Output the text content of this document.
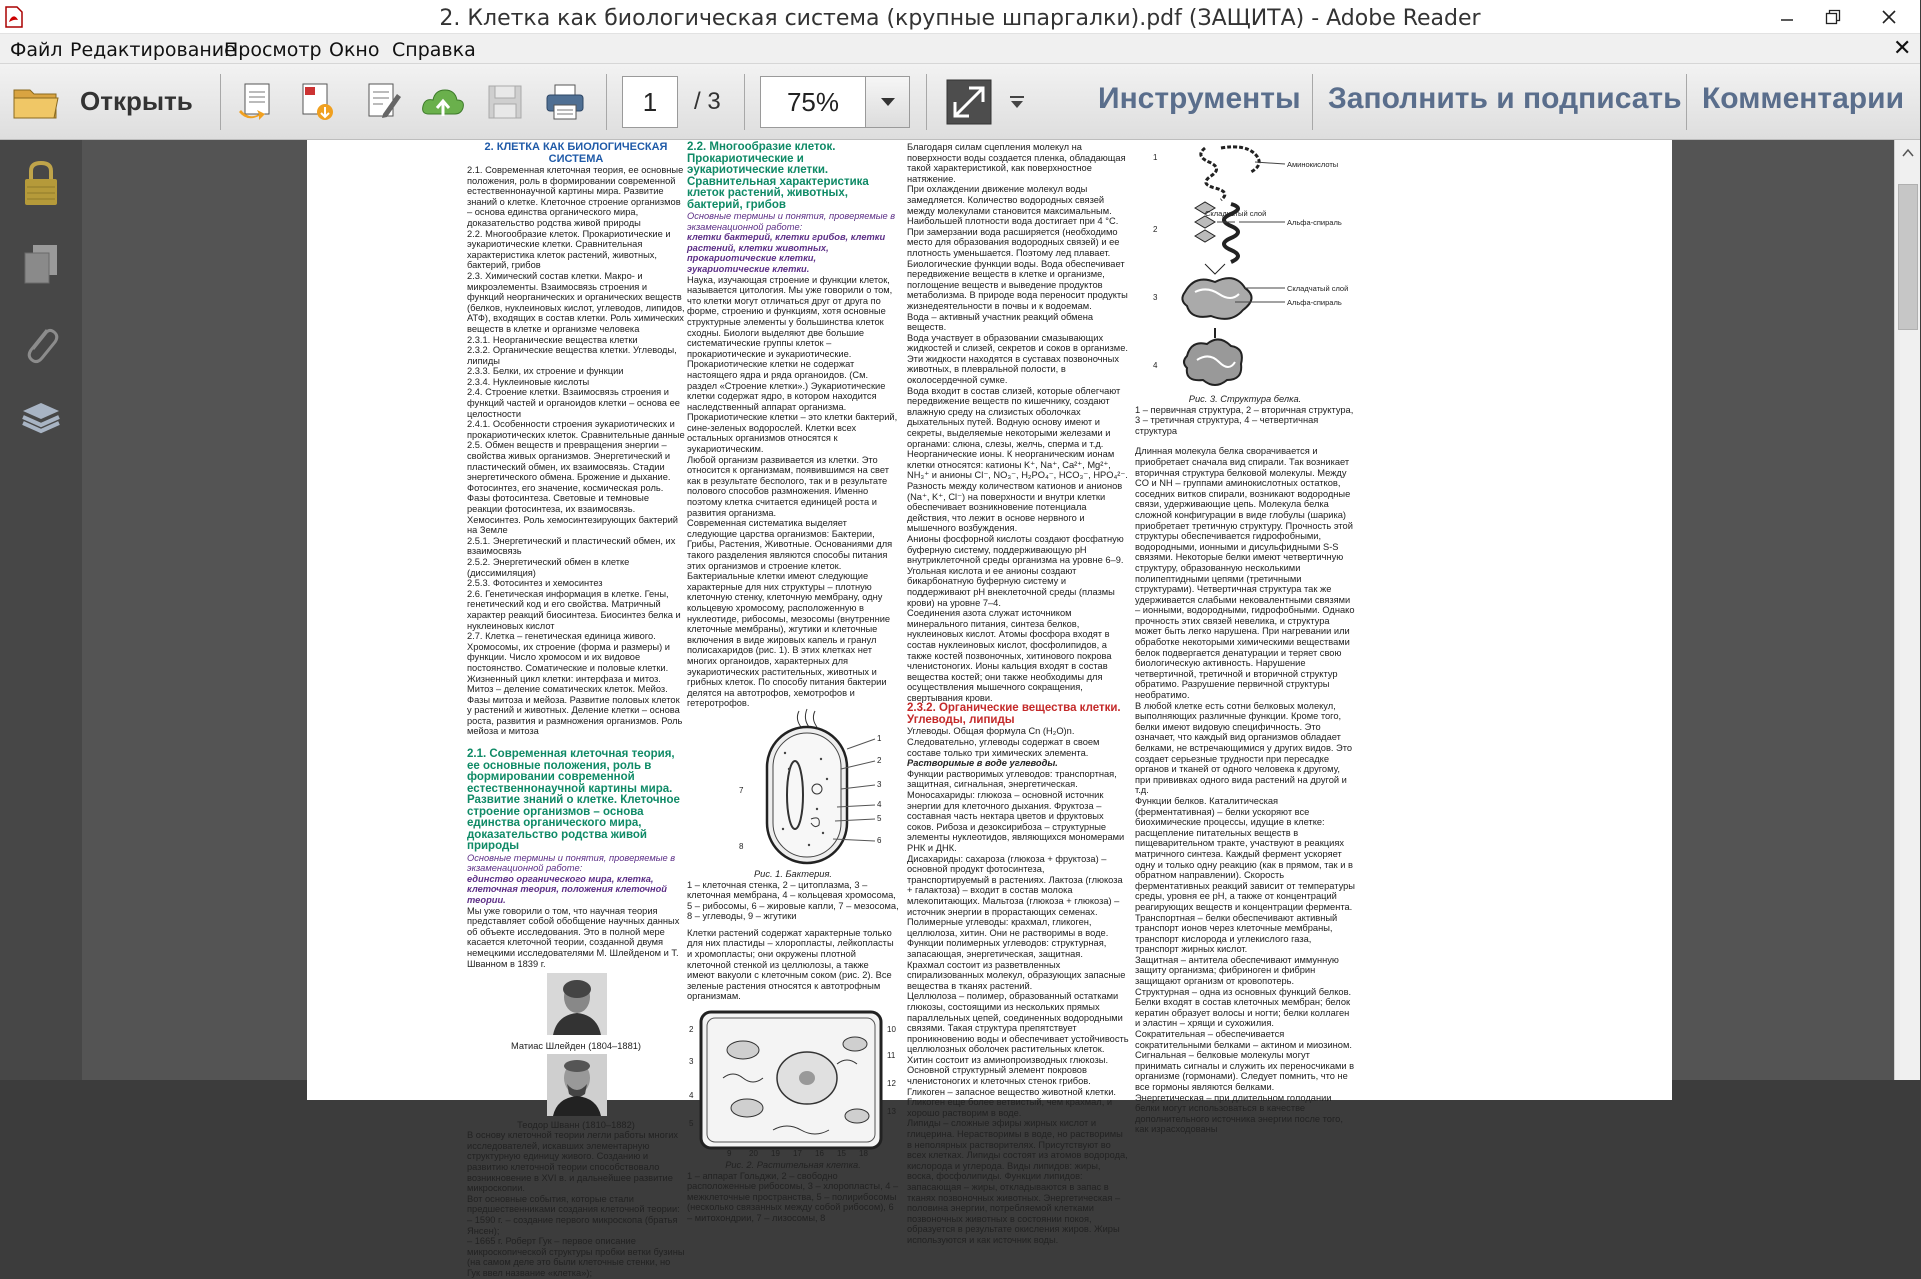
2. Клетка как биологическая система (крупные шпаргалки).pdf (ЗАЩИТА) - Adobe Reader
Файл Редактирование
Просмотр Окно Справка	✕
Открыть	1	/ 3	75%	Инструменты Заполнить и подписать Комментарии

2. КЛЕТКА КАК БИОЛОГИЧЕСКАЯ СИСТЕМА

2.1. Современная клеточная теория, ее основные положения, роль в формировании современной естественнонаучной картины мира. Развитие знаний о клетке. Клеточное строение организмов – основа единства органического мира, доказательство родства живой природы

2.2. Многообразие клеток. Прокариотические и эукариотические клетки. Сравнительная характеристика клеток растений, животных, бактерий, грибов

2.3. Химический состав клетки. Макро- и микроэлементы. Взаимосвязь строения и функций неорганических и органических веществ (белков, нуклеиновых кислот, углеводов, липидов, АТФ), входящих в состав клетки. Роль химических веществ в клетке и организме человека

2.3.1. Неорганические вещества клетки

2.3.2. Органические вещества клетки. Углеводы, липиды

2.3.3. Белки, их строение и функции

2.3.4. Нуклеиновые кислоты

2.4. Строение клетки. Взаимосвязь строения и функций частей и органоидов клетки – основа ее целостности

2.4.1. Особенности строения эукариотических и прокариотических клеток. Сравнительные данные

2.5. Обмен веществ и превращения энергии – свойства живых организмов. Энергетический и пластический обмен, их взаимосвязь. Стадии энергетического обмена. Брожение и дыхание. Фотосинтез, его значение, космическая роль. Фазы фотосинтеза. Световые и темновые реакции фотосинтеза, их взаимосвязь. Хемосинтез. Роль хемосинтезирующих бактерий на Земле

2.5.1. Энергетический и пластический обмен, их взаимосвязь

2.5.2. Энергетический обмен в клетке (диссимиляция)

2.5.3. Фотосинтез и хемосинтез

2.6. Генетическая информация в клетке. Гены, генетический код и его свойства. Матричный характер реакций биосинтеза. Биосинтез белка и нуклеиновых кислот

2.7. Клетка – генетическая единица живого. Хромосомы, их строение (форма и размеры) и функции. Число хромосом и их видовое постоянство. Соматические и половые клетки. Жизненный цикл клетки: интерфаза и митоз. Митоз – деление соматических клеток. Мейоз. Фазы митоза и мейоза. Развитие половых клеток у растений и животных. Деление клетки – основа роста, развития и размножения организмов. Роль мейоза и митоза

2.1. Современная клеточная теория, ее основные положения, роль в формировании современной естественнонаучной картины мира. Развитие знаний о клетке. Клеточное строение организмов – основа единства органического мира, доказательство родства живой природы

Основные термины и понятия, проверяемые в экзаменационной работе:

единство органического мира, клетка, клеточная теория, положения клеточной теории.

Мы уже говорили о том, что научная теория представляет собой обобщение научных данных об объекте исследования. Это в полной мере касается клеточной теории, созданной двумя немецкими исследователями М. Шлейденом и Т. Шванном в 1839 г.

Матиас Шлейден (1804–1881)

Теодор Шванн (1810–1882)

В основу клеточной теории легли работы многих исследователей, искавших элементарную структурную единицу живого. Созданию и развитию клеточной теории способствовало возникновение в XVI в. и дальнейшее развитие микроскопии.

Вот основные события, которые стали предшественниками создания клеточной теории:

– 1590 г. – создание первого микроскопа (братья Янсен);

– 1665 г. Роберт Гук – первое описание микроскопической структуры пробки ветки бузины (на самом деле это были клеточные стенки, но Гук ввел название «клетка»);

2.2. Многообразие клеток. Прокариотические и эукариотические клетки. Сравнительная характеристика клеток растений, животных, бактерий, грибов

Основные термины и понятия, проверяемые в экзаменационной работе:

клетки бактерий, клетки грибов, клетки растений, клетки животных, прокариотические клетки, эукариотические клетки.

Наука, изучающая строение и функции клеток, называется цитология. Мы уже говорили о том, что клетки могут отличаться друг от друга по форме, строению и функциям, хотя основные структурные элементы у большинства клеток сходны. Биологи выделяют две большие систематические группы клеток – прокариотические и эукариотические. Прокариотические клетки не содержат настоящего ядра и ряда органоидов. (См. раздел «Строение клетки».) Эукариотические клетки содержат ядро, в котором находится наследственный аппарат организма. Прокариотические клетки – это клетки бактерий, сине-зеленых водорослей. Клетки всех остальных организмов относятся к эукариотическим.

Любой организм развивается из клетки. Это относится к организмам, появившимся на свет как в результате бесполого, так и в результате полового способов размножения. Именно поэтому клетка считается единицей роста и развития организма.

Современная систематика выделяет следующие царства организмов: Бактерии, Грибы, Растения, Животные. Основаниями для такого разделения являются способы питания этих организмов и строение клеток.

Бактериальные клетки имеют следующие характерные для них структуры – плотную клеточную стенку, клеточную мембрану, одну кольцевую хромосому, расположенную в нуклеотиде, рибосомы, мезосомы (внутренние клеточные мембраны), жгутики и клеточные включения в виде жировых капель и гранул полисахаридов (рис. 1). В этих клетках нет многих органоидов, характерных для эукариотических растительных, животных и грибных клеток. По способу питания бактерии делятся на автотрофов, хемотрофов и гетеротрофов.

1
2
3
4
5
6
8
7

Рис. 1. Бактерия.

1 – клеточная стенка, 2 – цитоплазма, 3 – клеточная мембрана, 4 – кольцевая хромосома, 5 – рибосомы, 6 – жировые капли, 7 – мезосома, 8 – углеводы, 9 – жгутики

Клетки растений содержат характерные только для них пластиды – хлоропласты, лейкопласты и хромопласты; они окружены плотной клеточной стенкой из целлюлозы, а также имеют вакуоли с клеточным соком (рис. 2). Все зеленые растения относятся к автотрофным организмам.

2
3
4
5
10
11
12
13
9 20 19 17 16 15 18

Рис. 2. Растительная клетка.

1 – аппарат Гольджи, 2 – свободно расположенные рибосомы, 3 – хлоропласты, 4 – межклеточные пространства, 5 – полирибосомы (несколько связанных между собой рибосом), 6 – митохондрии, 7 – лизосомы, 8

Благодаря силам сцепления молекул на поверхности воды создается пленка, обладающая такой характеристикой, как поверхностное натяжение.

При охлаждении движение молекул воды замедляется. Количество водородных связей между молекулами становится максимальным. Наибольшей плотности вода достигает при 4 °С. При замерзании вода расширяется (необходимо место для образования водородных связей) и ее плотность уменьшается. Поэтому лед плавает.

Биологические функции воды. Вода обеспечивает передвижение веществ в клетке и организме, поглощение веществ и выведение продуктов метаболизма. В природе вода переносит продукты жизнедеятельности в почвы и к водоемам.

Вода – активный участник реакций обмена веществ.

Вода участвует в образовании смазывающих жидкостей и слизей, секретов и соков в организме. Эти жидкости находятся в суставах позвоночных животных, в плевральной полости, в околосердечной сумке.

Вода входит в состав слизей, которые облегчают передвижение веществ по кишечнику, создают влажную среду на слизистых оболочках дыхательных путей. Водную основу имеют и секреты, выделяемые некоторыми железами и органами: слюна, слезы, желчь, сперма и т.д.

Неорганические ионы. К неорганическим ионам клетки относятся: катионы K⁺, Na⁺, Ca²⁺, Mg²⁺, NH₃⁺ и анионы Cl⁻, NO₃⁻, H₂PO₄⁻, HCO₃⁻, HPO₄²⁻. Разность между количеством катионов и анионов (Na⁺, K⁺, Cl⁻) на поверхности и внутри клетки обеспечивает возникновение потенциала действия, что лежит в основе нервного и мышечного возбуждения.

Анионы фосфорной кислоты создают фосфатную буферную систему, поддерживающую pH внутриклеточной среды организма на уровне 6–9.

Угольная кислота и ее анионы создают бикарбонатную буферную систему и поддерживают pH внеклеточной среды (плазмы крови) на уровне 7–4.

Соединения азота служат источником минерального питания, синтеза белков, нуклеиновых кислот. Атомы фосфора входят в состав нуклеиновых кислот, фосфолипидов, а также костей позвоночных, хитинового покрова членистоногих. Ионы кальция входят в состав вещества костей; они также необходимы для осуществления мышечного сокращения, свертывания крови.

2.3.2. Органические вещества клетки. Углеводы, липиды

Углеводы. Общая формула Cn (H₂O)n. Следовательно, углеводы содержат в своем составе только три химических элемента.

Растворимые в воде углеводы.

Функции растворимых углеводов: транспортная, защитная, сигнальная, энергетическая.

Моносахариды: глюкоза – основной источник энергии для клеточного дыхания. Фруктоза – составная часть нектара цветов и фруктовых соков. Рибоза и дезоксирибоза – структурные элементы нуклеотидов, являющихся мономерами РНК и ДНК.

Дисахариды: сахароза (глюкоза + фруктоза) – основной продукт фотосинтеза, транспортируемый в растениях. Лактоза (глюкоза + галактоза) – входит в состав молока млекопитающих. Мальтоза (глюкоза + глюкоза) – источник энергии в прорастающих семенах.

Полимерные углеводы: крахмал, гликоген, целлюлоза, хитин. Они не растворимы в воде.

Функции полимерных углеводов: структурная, запасающая, энергетическая, защитная.

Крахмал состоит из разветвленных спирализованных молекул, образующих запасные вещества в тканях растений.

Целлюлоза – полимер, образованный остатками глюкозы, состоящими из нескольких прямых параллельных цепей, соединенных водородными связями. Такая структура препятствует проникновению воды и обеспечивает устойчивость целлюлозных оболочек растительных клеток.

Хитин состоит из аминопроизводных глюкозы. Основной структурный элемент покровов членистоногих и клеточных стенок грибов.

Гликоген – запасное вещество животной клетки. Гликоген еще более ветвистый, чем крахмал, и хорошо растворим в воде.

Липиды – сложные эфиры жирных кислот и глицерина. Нерастворимы в воде, но растворимы в неполярных растворителях. Присутствуют во всех клетках. Липиды состоят из атомов водорода, кислорода и углерода. Виды липидов: жиры, воска, фосфолипиды. Функции липидов: запасающая – жиры, откладываются в запас в тканях позвоночных животных. Энергетическая – половина энергии, потребляемой клетками позвоночных животных в состоянии покоя, образуется в результате окисления жиров. Жиры используются и как источник воды.

1
2
3
4
Аминокислоты
Складчатый слой
Альфа-спираль
Складчатый слой
Альфа-спираль

Рис. 3. Структура белка.

1 – первичная структура, 2 – вторичная структура, 3 – третичная структура, 4 – четвертичная структура

Длинная молекула белка сворачивается и приобретает сначала вид спирали. Так возникает вторичная структура белковой молекулы. Между CO и NH – группами аминокислотных остатков, соседних витков спирали, возникают водородные связи, удерживающие цепь. Молекула белка сложной конфигурации в виде глобулы (шарика) приобретает третичную структуру. Прочность этой структуры обеспечивается гидрофобными, водородными, ионными и дисульфидными S-S связями. Некоторые белки имеют четвертичную структуру, образованную несколькими полипептидными цепями (третичными структурами). Четвертичная структура так же удерживается слабыми нековалентными связями – ионными, водородными, гидрофобными. Однако прочность этих связей невелика, и структура может быть легко нарушена. При нагревании или обработке некоторыми химическими веществами белок подвергается денатурации и теряет свою биологическую активность. Нарушение четвертичной, третичной и вторичной структур обратимо. Разрушение первичной структуры необратимо.

В любой клетке есть сотни белковых молекул, выполняющих различные функции. Кроме того, белки имеют видовую специфичность. Это означает, что каждый вид организмов обладает белками, не встречающимися у других видов. Это создает серьезные трудности при пересадке органов и тканей от одного человека к другому, при прививках одного вида растений на другой и т.д.

Функции белков. Каталитическая (ферментативная) – белки ускоряют все биохимические процессы, идущие в клетке: расщепление питательных веществ в пищеварительном тракте, участвуют в реакциях матричного синтеза. Каждый фермент ускоряет одну и только одну реакцию (как в прямом, так и в обратном направлении). Скорость ферментативных реакций зависит от температуры среды, уровня ее pH, а также от концентраций реагирующих веществ и концентрации фермента.

Транспортная – белки обеспечивают активный транспорт ионов через клеточные мембраны, транспорт кислорода и углекислого газа, транспорт жирных кислот.

Защитная – антитела обеспечивают иммунную защиту организма; фибриноген и фибрин защищают организм от кровопотерь.

Структурная – одна из основных функций белков. Белки входят в состав клеточных мембран; белок кератин образует волосы и ногти; белки коллаген и эластин – хрящи и сухожилия.

Сократительная – обеспечивается сократительными белками – актином и миозином.

Сигнальная – белковые молекулы могут принимать сигналы и служить их переносчиками в организме (гормонами). Следует помнить, что не все гормоны являются белками.

Энергетическая – при длительном голодании белки могут использоваться в качестве дополнительного источника энергии после того, как израсходованы
